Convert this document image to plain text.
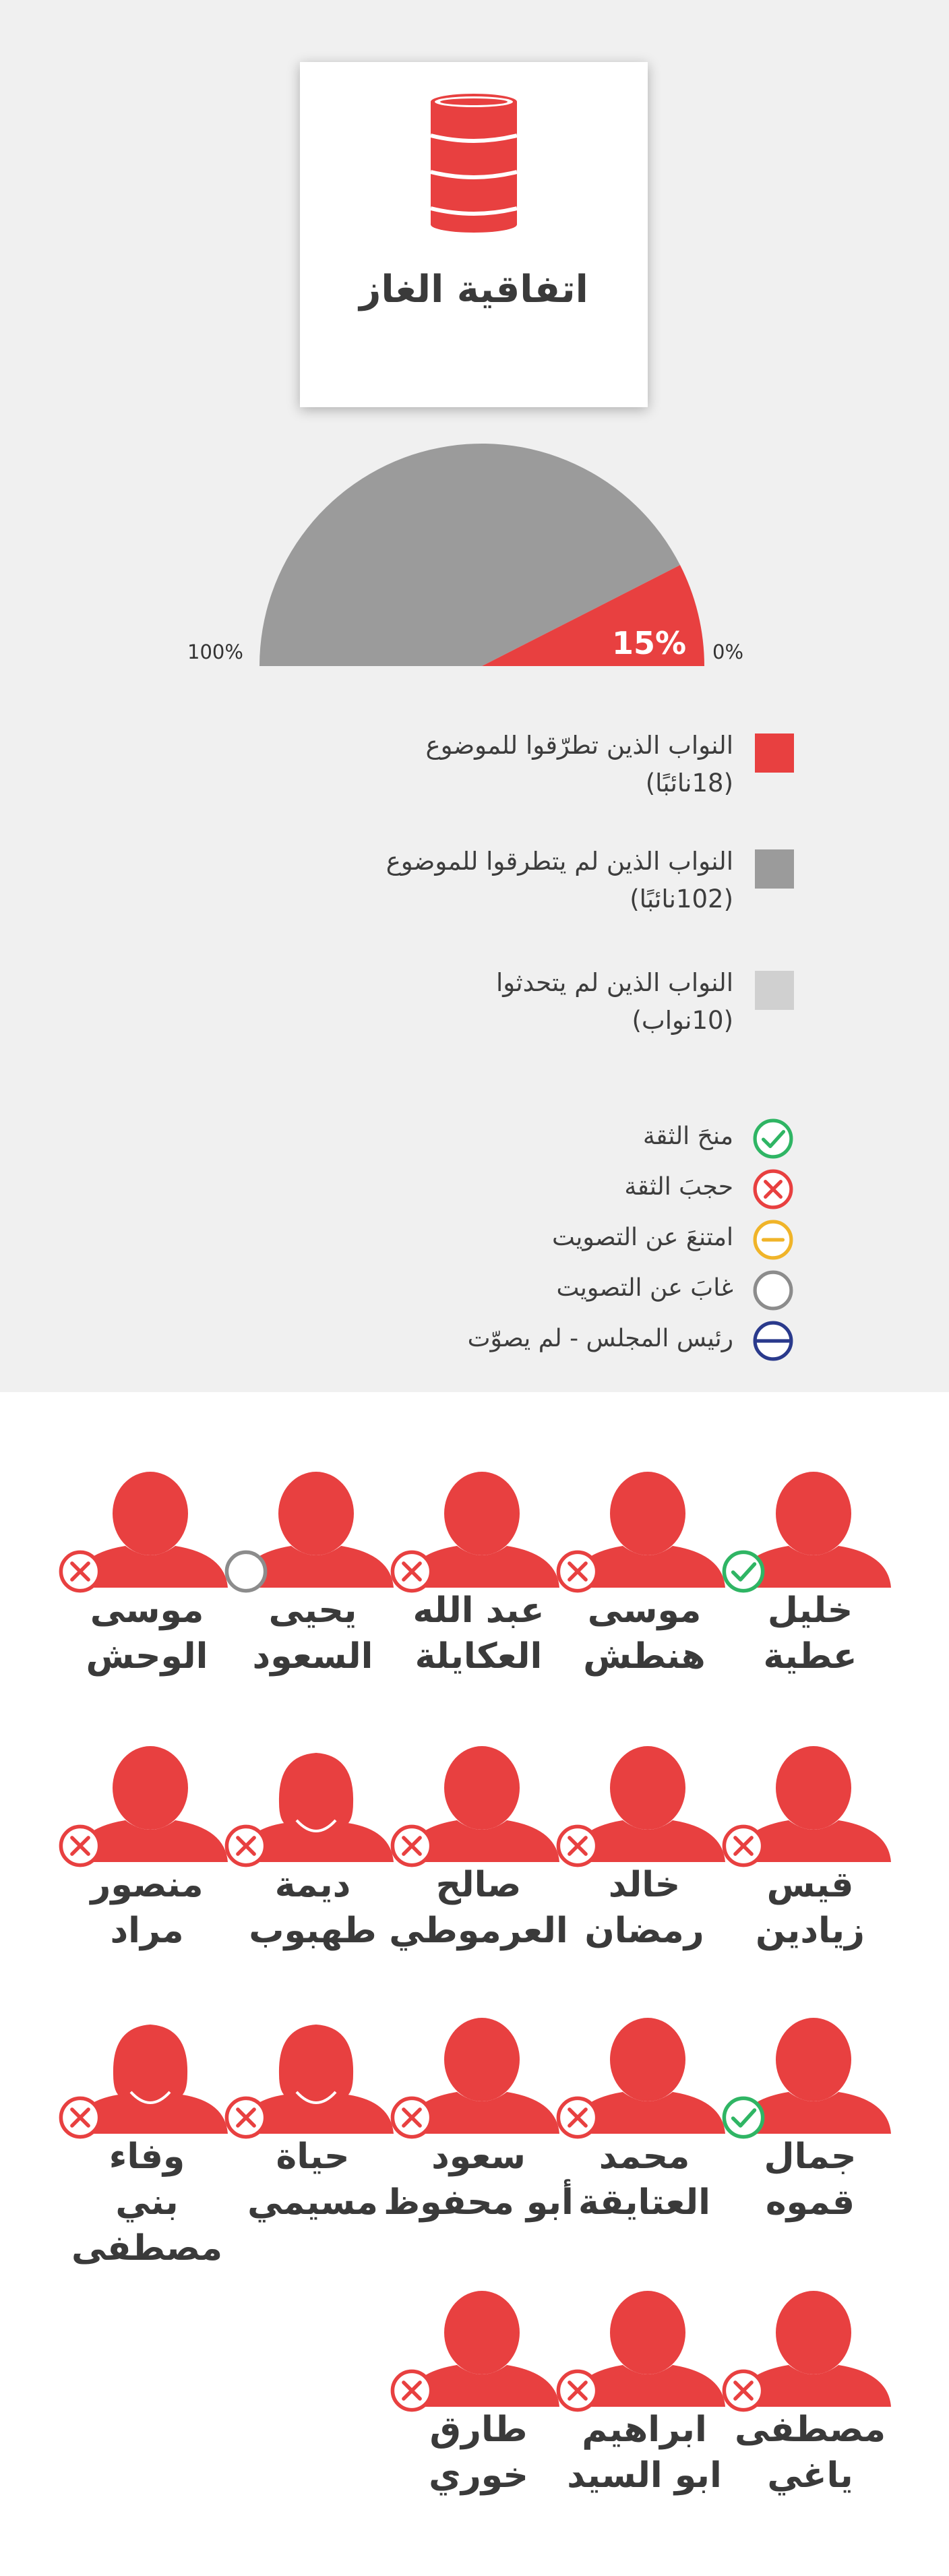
اتفاقية الغاز
15%
النواب الذين تطرّقوا للموضوع
(18نائبًا)
النواب الذين لم يتطرقوا للموضوع
(102نائبًا)
النواب الذين لم يتحدثوا
(10نواب)
منحَ الثقة
حجبَ الثقة
امتنعَ عن التصويت
غابَ عن التصويت
رئيس المجلس - لم يصوّت
100%	0%
خليل
عطية
موسى
هنطش
عبد الله
العكايلة
يحيى
السعود
موسى
الوحش
قيس
زيادين
خالد
رمضان
صالح
العرموطي
ديمة
طهبوب
منصور
مراد
جمال
قموه
محمد
العتايقة
سعود
أبو محفوظ
حياة
مسيمي
وفاء
بني مصطفى
مصطفى
ياغي
ابراهيم
ابو السيد
طارق
خوري
